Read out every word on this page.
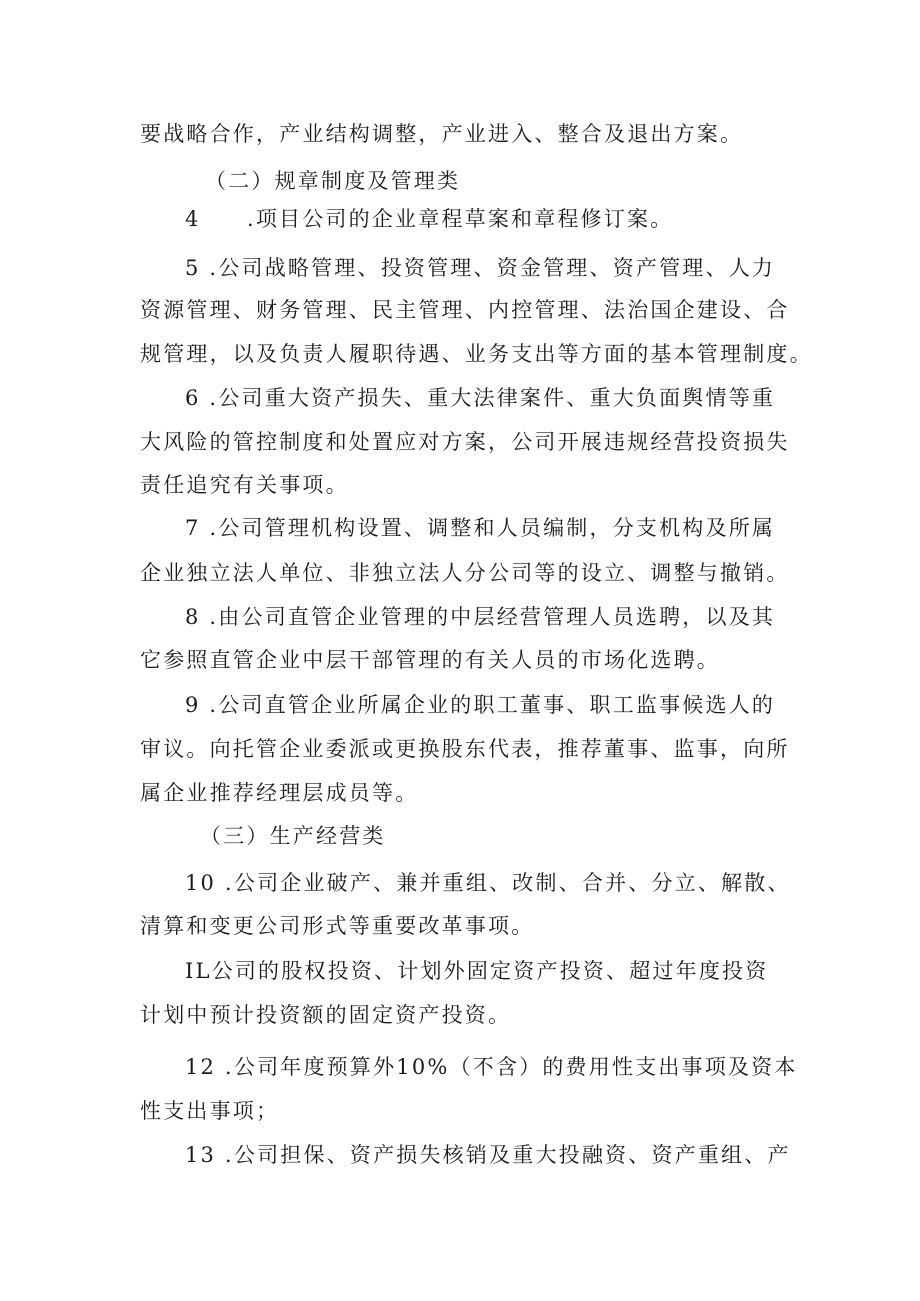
要战略合作，产业结构调整，产业进入、整合及退出方案。
（二）规章制度及管理类
4　　.项目公司的企业章程草案和章程修订案。
5 .公司战略管理、投资管理、资金管理、资产管理、人力
资源管理、财务管理、民主管理、内控管理、法治国企建设、合
规管理，以及负责人履职待遇、业务支出等方面的基本管理制度。
6 .公司重大资产损失、重大法律案件、重大负面舆情等重
大风险的管控制度和处置应对方案，公司开展违规经营投资损失
责任追究有关事项。
7 .公司管理机构设置、调整和人员编制，分支机构及所属
企业独立法人单位、非独立法人分公司等的设立、调整与撤销。
8 .由公司直管企业管理的中层经营管理人员选聘，以及其
它参照直管企业中层干部管理的有关人员的市场化选聘。
9 .公司直管企业所属企业的职工董事、职工监事候选人的
审议。向托管企业委派或更换股东代表，推荐董事、监事，向所
属企业推荐经理层成员等。
（三）生产经营类
10 .公司企业破产、兼并重组、改制、合并、分立、解散、
清算和变更公司形式等重要改革事项。
IL公司的股权投资、计划外固定资产投资、超过年度投资
计划中预计投资额的固定资产投资。
12 .公司年度预算外10%（不含）的费用性支出事项及资本
性支出事项；
13 .公司担保、资产损失核销及重大投融资、资产重组、产
